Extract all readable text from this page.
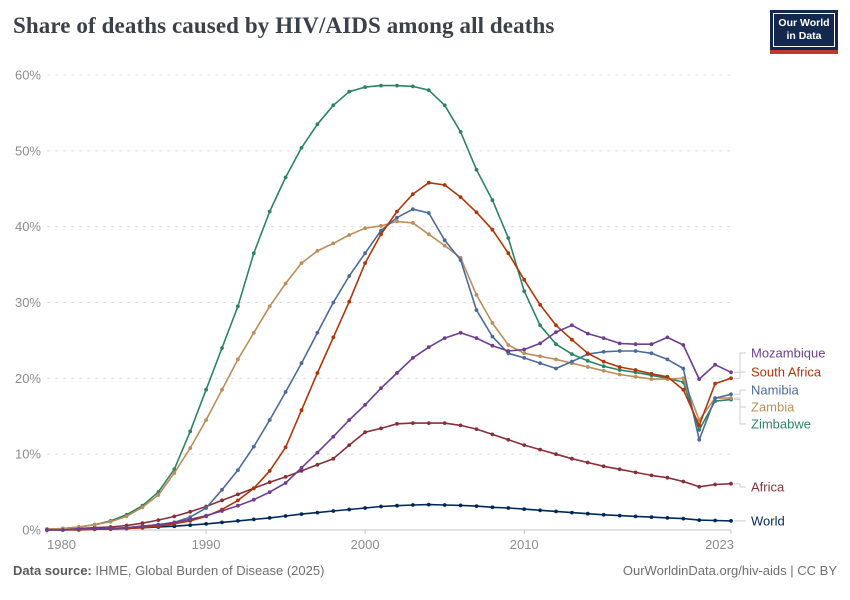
Share of deaths caused by HIV/AIDS among all deaths	Our World
in Data
0%
10%
20%
30%
40%
50%
60%
1980	1990	2000	2010	2023
Mozambique
South Africa
Namibia
Zambia
Zimbabwe
Africa
World
Data source: IHME, Global Burden of Disease (2025)	OurWorldinData.org/hiv-aids | CC BY
